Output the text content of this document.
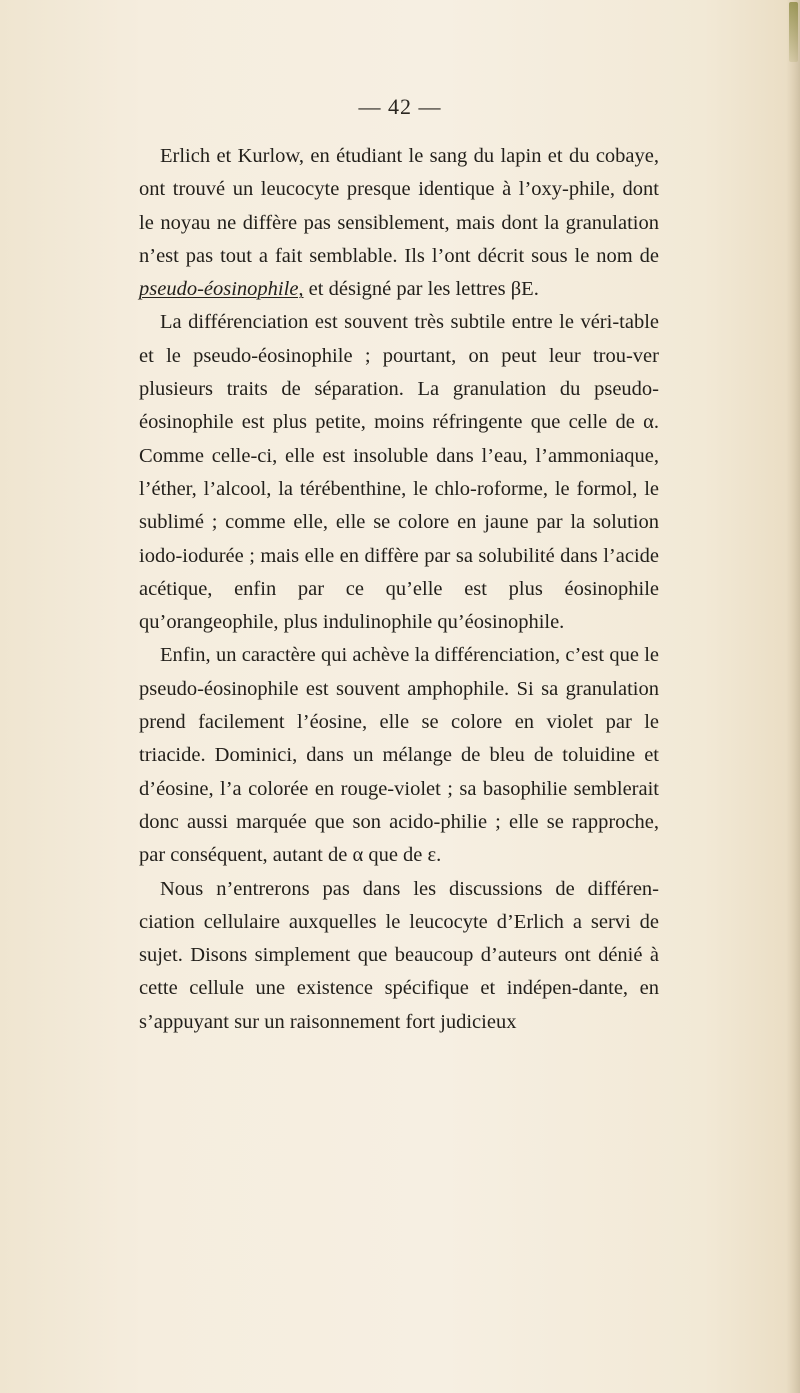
— 42 —

Erlich et Kurlow, en étudiant le sang du lapin et du cobaye, ont trouvé un leucocyte presque identique à l’oxy-phile, dont le noyau ne diffère pas sensiblement, mais dont la granulation n’est pas tout a fait semblable. Ils l’ont décrit sous le nom de pseudo-éosinophile, et désigné par les lettres βE.

La différenciation est souvent très subtile entre le véri-table et le pseudo-éosinophile ; pourtant, on peut leur trou-ver plusieurs traits de séparation. La granulation du pseudo-éosinophile est plus petite, moins réfringente que celle de α. Comme celle-ci, elle est insoluble dans l’eau, l’ammoniaque, l’éther, l’alcool, la térébenthine, le chlo-roforme, le formol, le sublimé ; comme elle, elle se colore en jaune par la solution iodo-iodurée ; mais elle en diffère par sa solubilité dans l’acide acétique, enfin par ce qu’elle est plus éosinophile qu’orangeophile, plus indulinophile qu’éosinophile.

Enfin, un caractère qui achève la différenciation, c’est que le pseudo-éosinophile est souvent amphophile. Si sa granulation prend facilement l’éosine, elle se colore en violet par le triacide. Dominici, dans un mélange de bleu de toluidine et d’éosine, l’a colorée en rouge-violet ; sa basophilie semblerait donc aussi marquée que son acido-philie ; elle se rapproche, par conséquent, autant de α que de ε.

Nous n’entrerons pas dans les discussions de différen-ciation cellulaire auxquelles le leucocyte d’Erlich a servi de sujet. Disons simplement que beaucoup d’auteurs ont dénié à cette cellule une existence spécifique et indépen-dante, en s’appuyant sur un raisonnement fort judicieux
